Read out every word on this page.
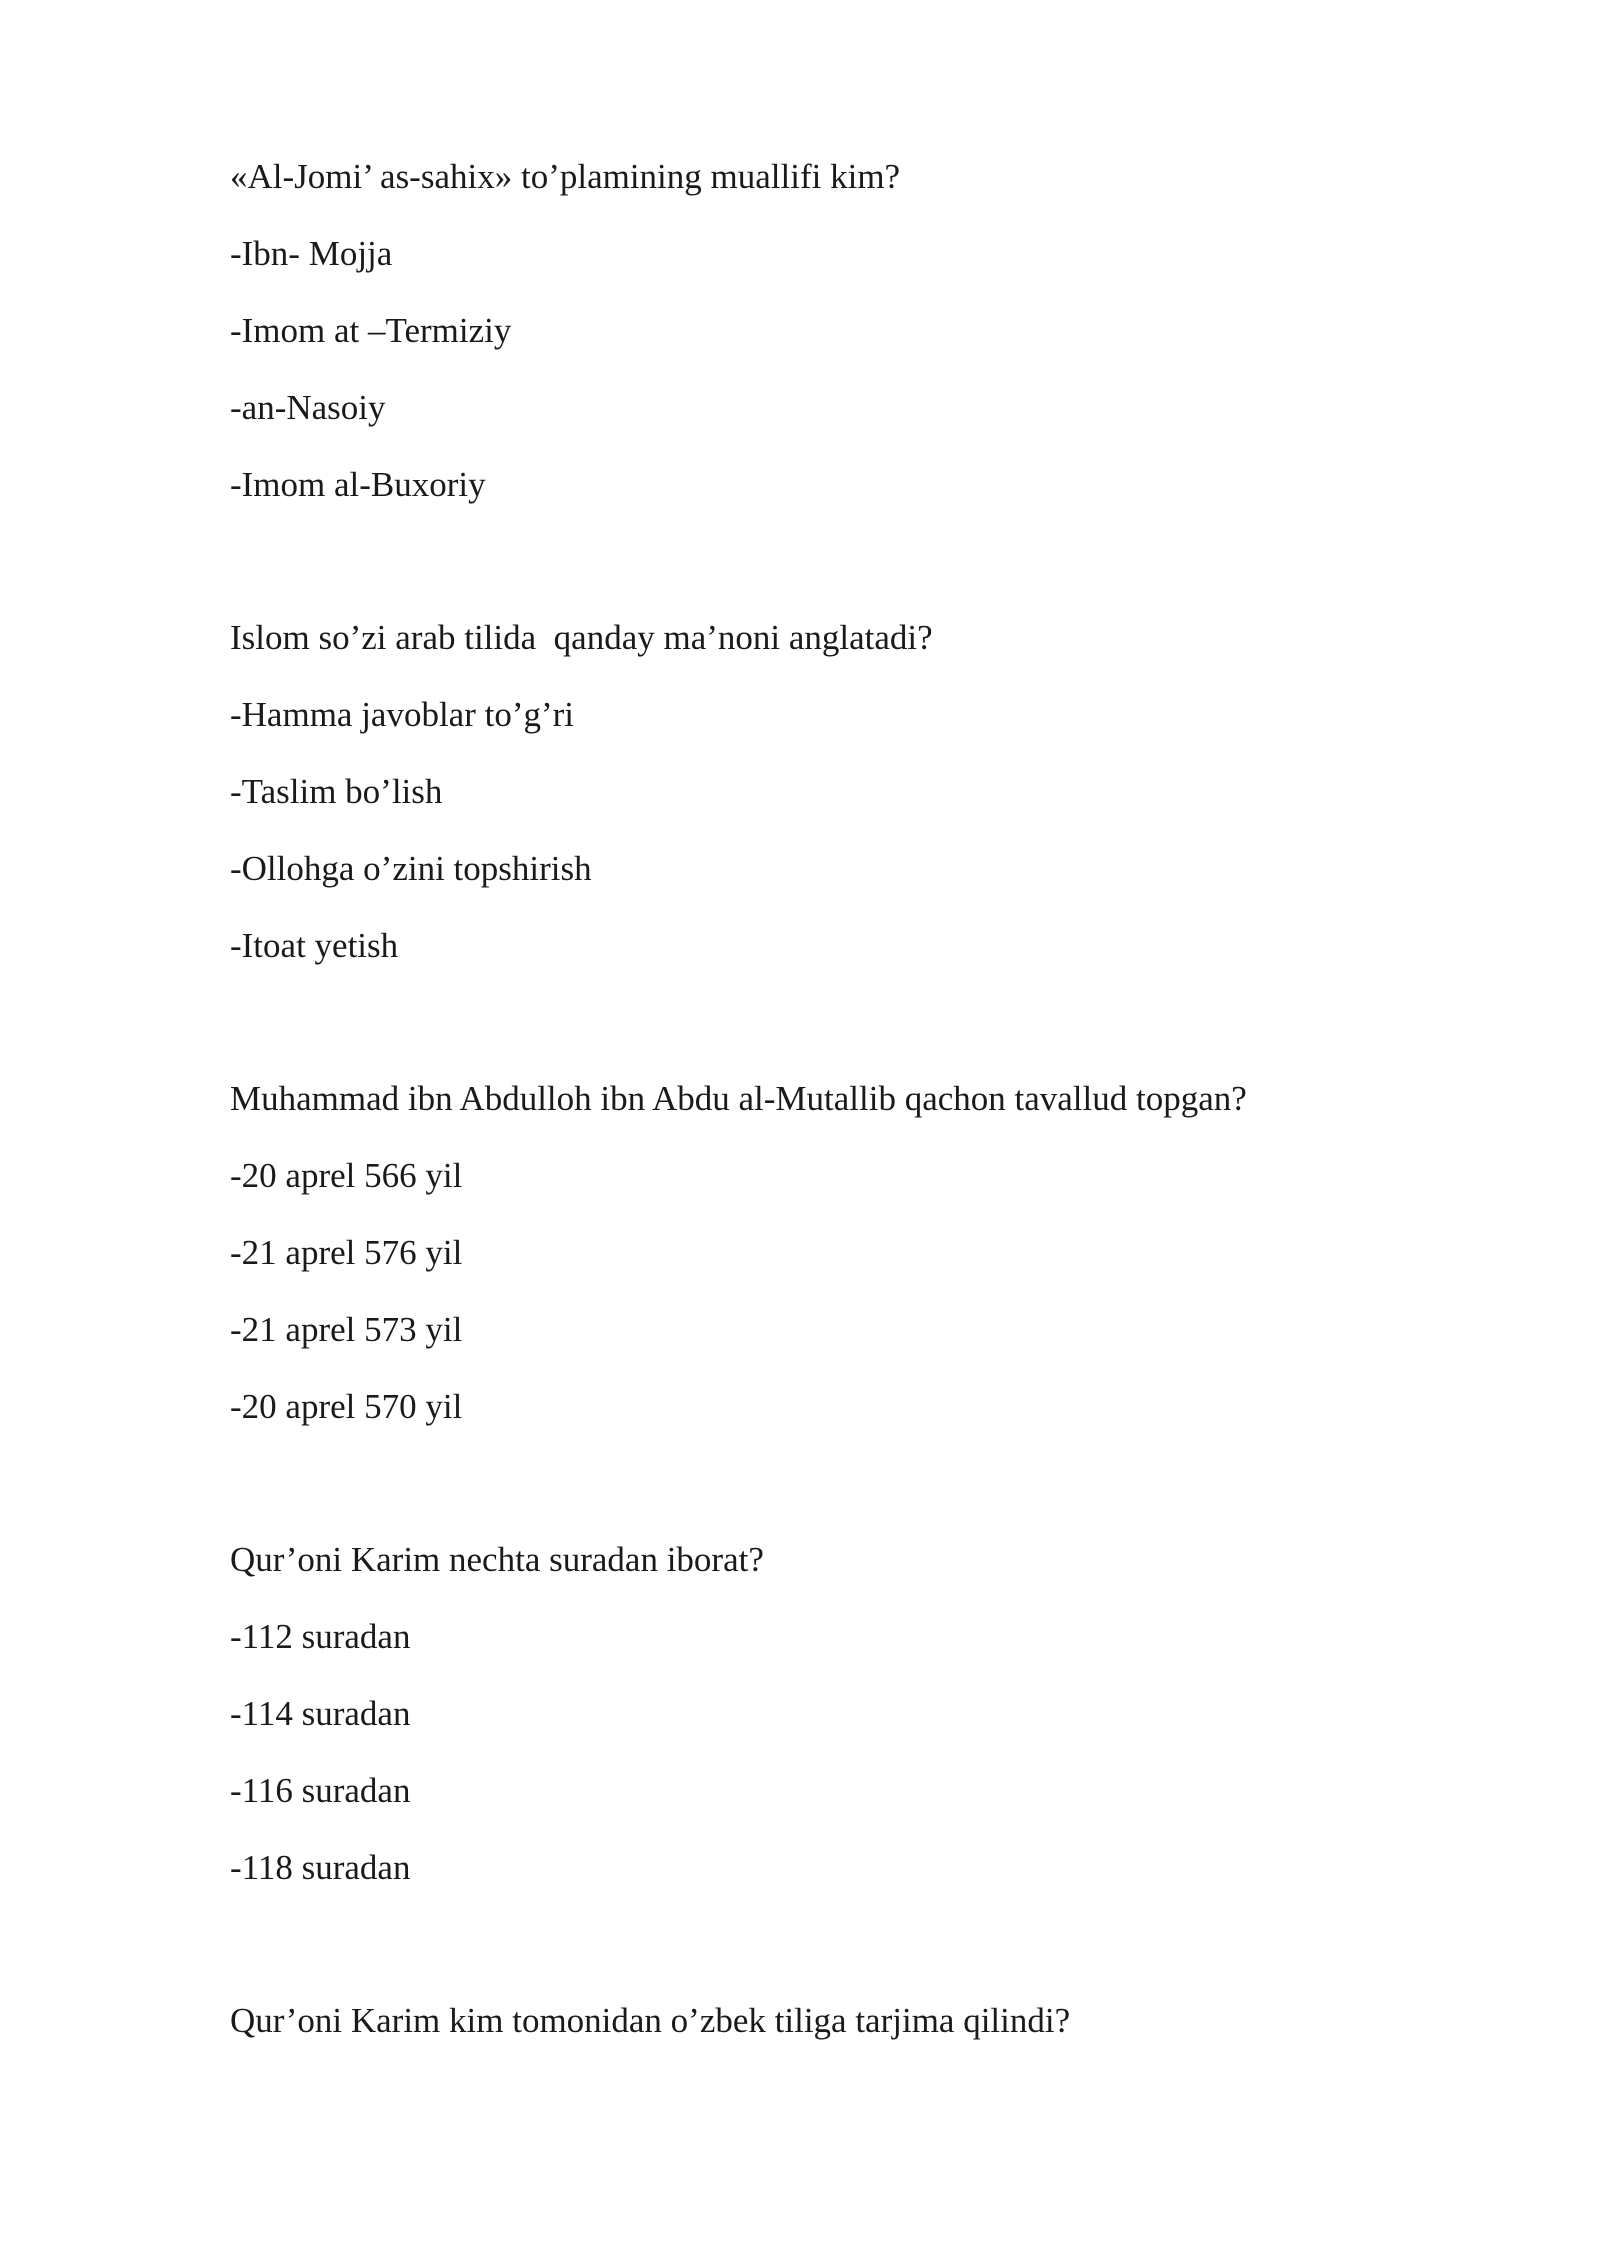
«Al-Jomi’ as-sahix» to’plamining muallifi kim?
-Ibn- Mojja
-Imom at –Termiziy
-an-Nasoiy
-Imom al-Buxoriy
Islom so’zi arab tilida  qanday ma’noni anglatadi?
-Hamma javoblar to’g’ri
-Taslim bo’lish
-Ollohga o’zini topshirish
-Itoat yetish
Muhammad ibn Abdulloh ibn Abdu al-Mutallib qachon tavallud topgan?
-20 aprel 566 yil
-21 aprel 576 yil
-21 aprel 573 yil
-20 aprel 570 yil
Qur’oni Karim nechta suradan iborat?
-112 suradan
-114 suradan
-116 suradan
-118 suradan
Qur’oni Karim kim tomonidan o’zbek tiliga tarjima qilindi?
